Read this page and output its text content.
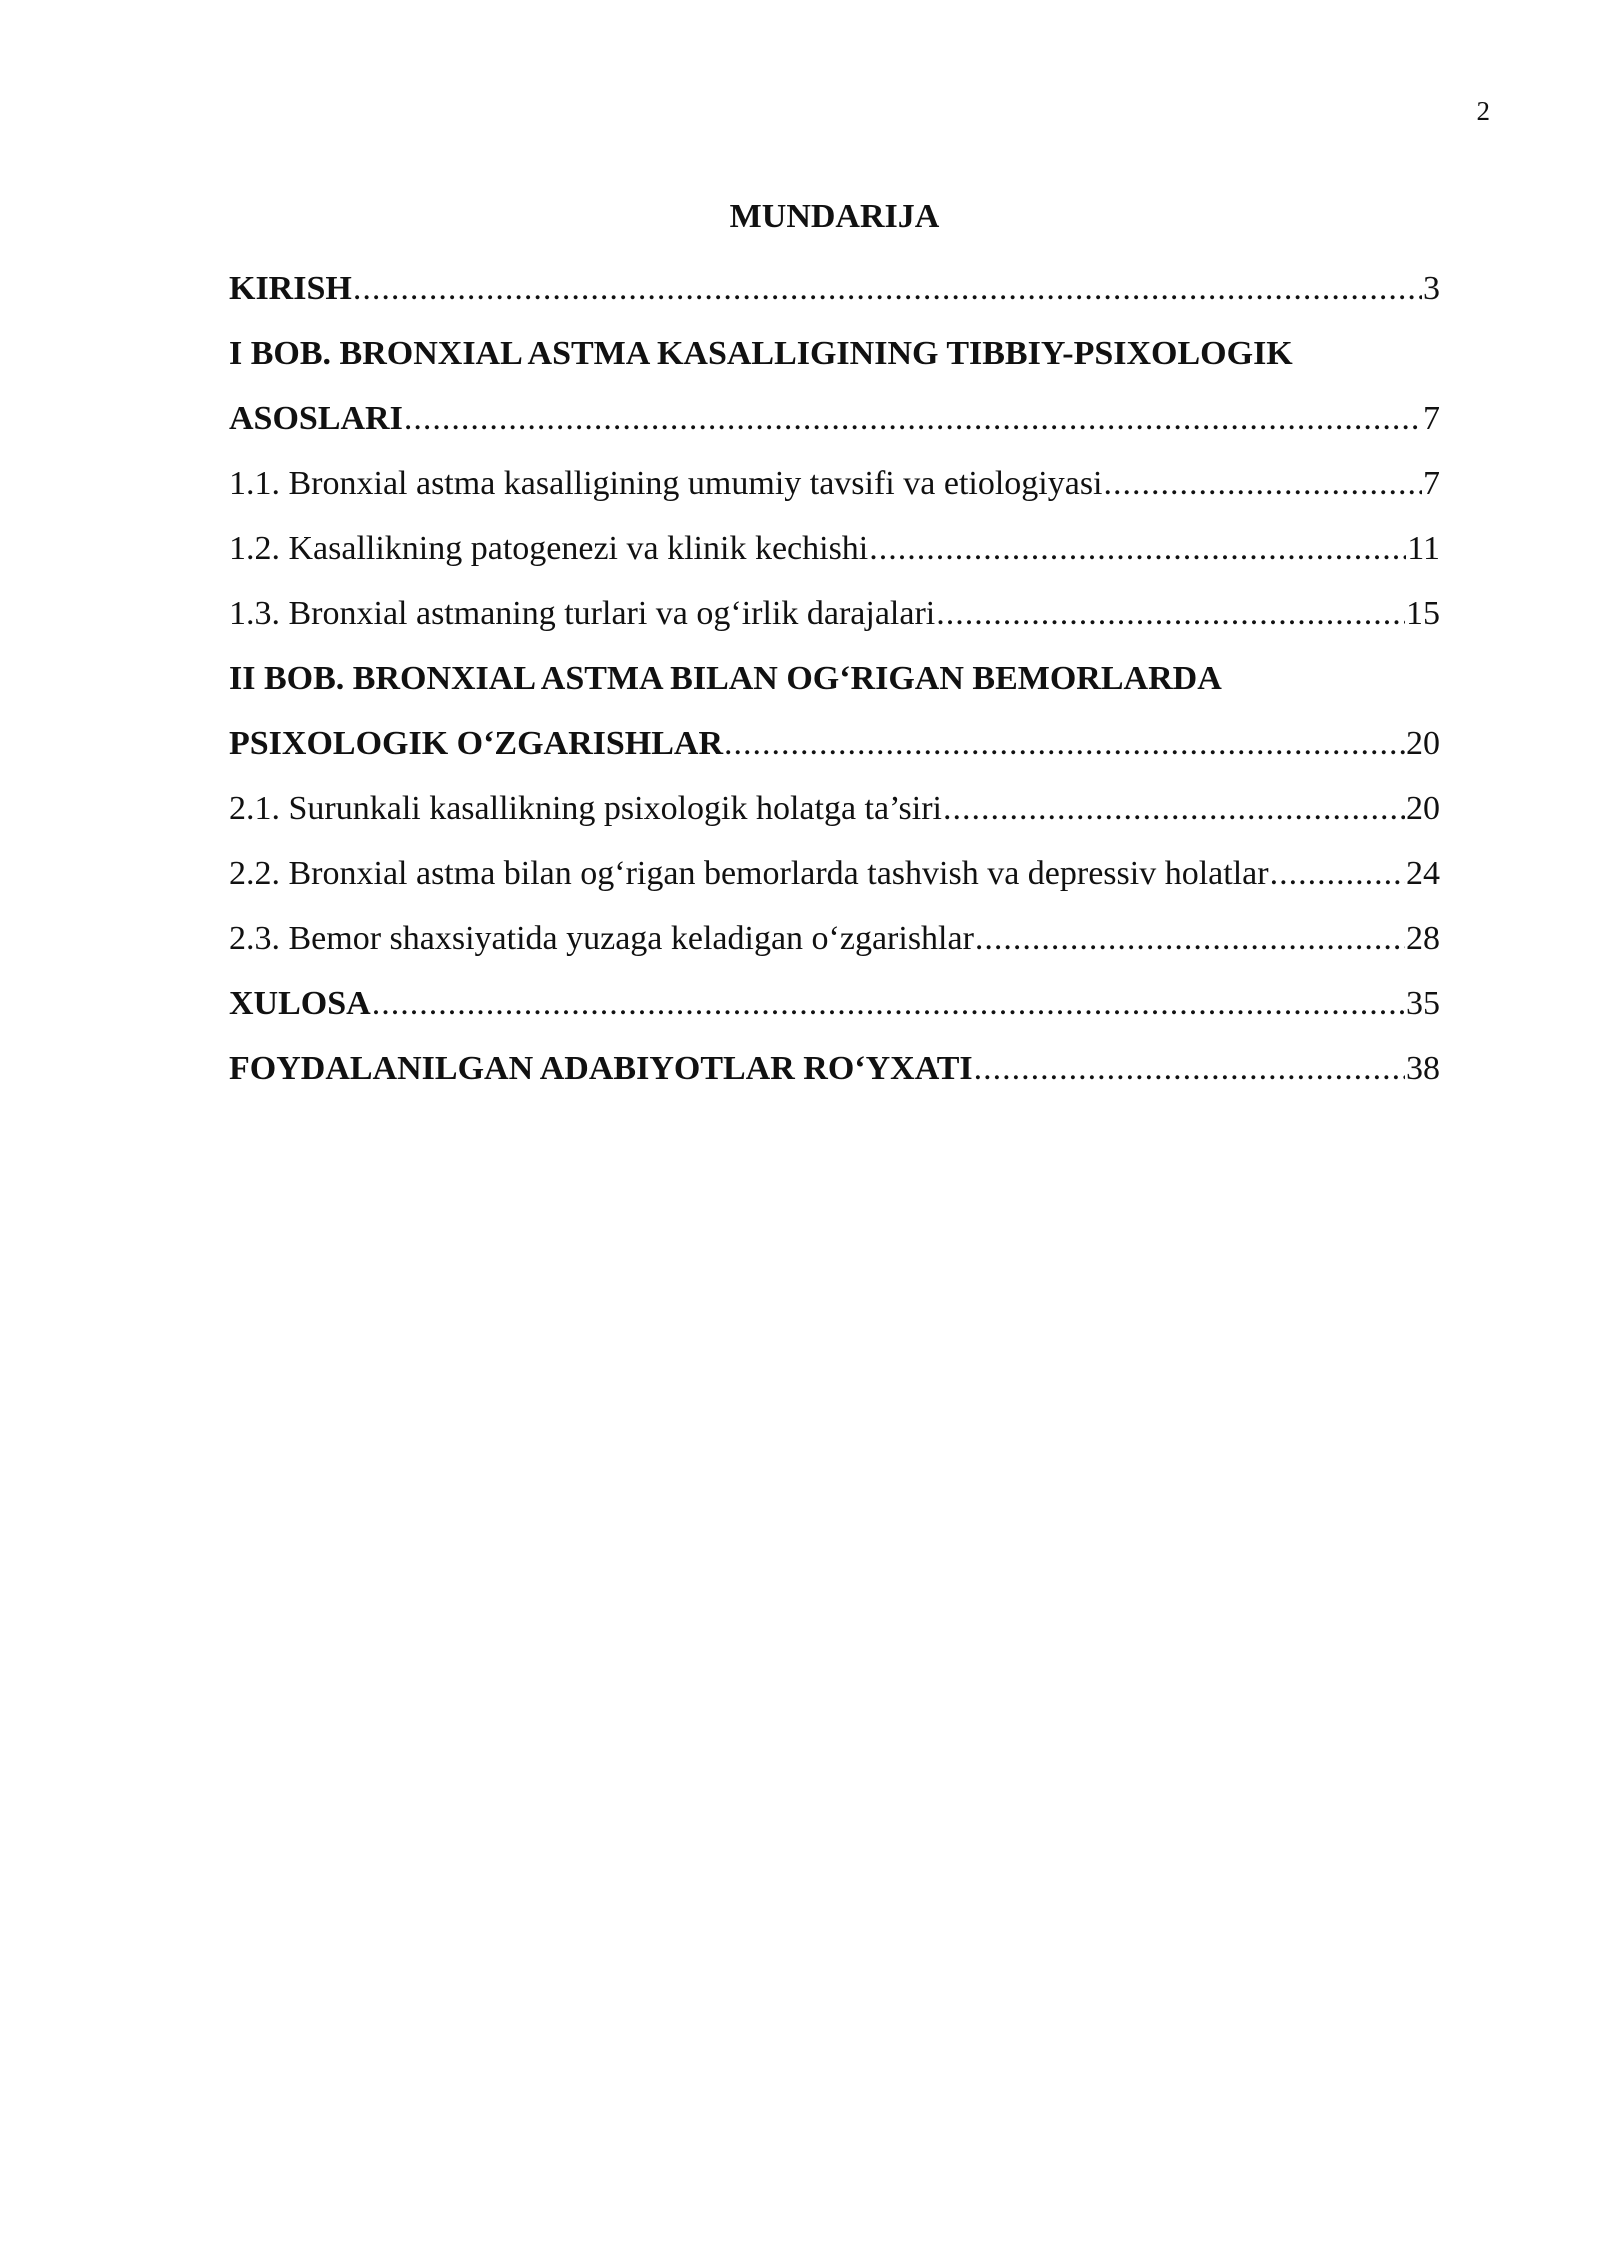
2
MUNDARIJA
KIRISH .....	3
I BOB. BRONXIAL ASTMA KASALLIGINING TIBBIY-PSIXOLOGIK
ASOSLARI .....	7
1.1. Bronxial astma kasalligining umumiy tavsifi va etiologiyasi .....	7
1.2. Kasallikning patogenezi va klinik kechishi .....	11
1.3. Bronxial astmaning turlari va og‘irlik darajalari .....	15
II BOB. BRONXIAL ASTMA BILAN OG‘RIGAN BEMORLARDA
PSIXOLOGIK O‘ZGARISHLAR .....	20
2.1. Surunkali kasallikning psixologik holatga ta’siri .....	20
2.2. Bronxial astma bilan og‘rigan bemorlarda tashvish va depressiv holatlar .....	24
2.3. Bemor shaxsiyatida yuzaga keladigan o‘zgarishlar .....	28
XULOSA .....	35
FOYDALANILGAN ADABIYOTLAR RO‘YXATI .....	38
